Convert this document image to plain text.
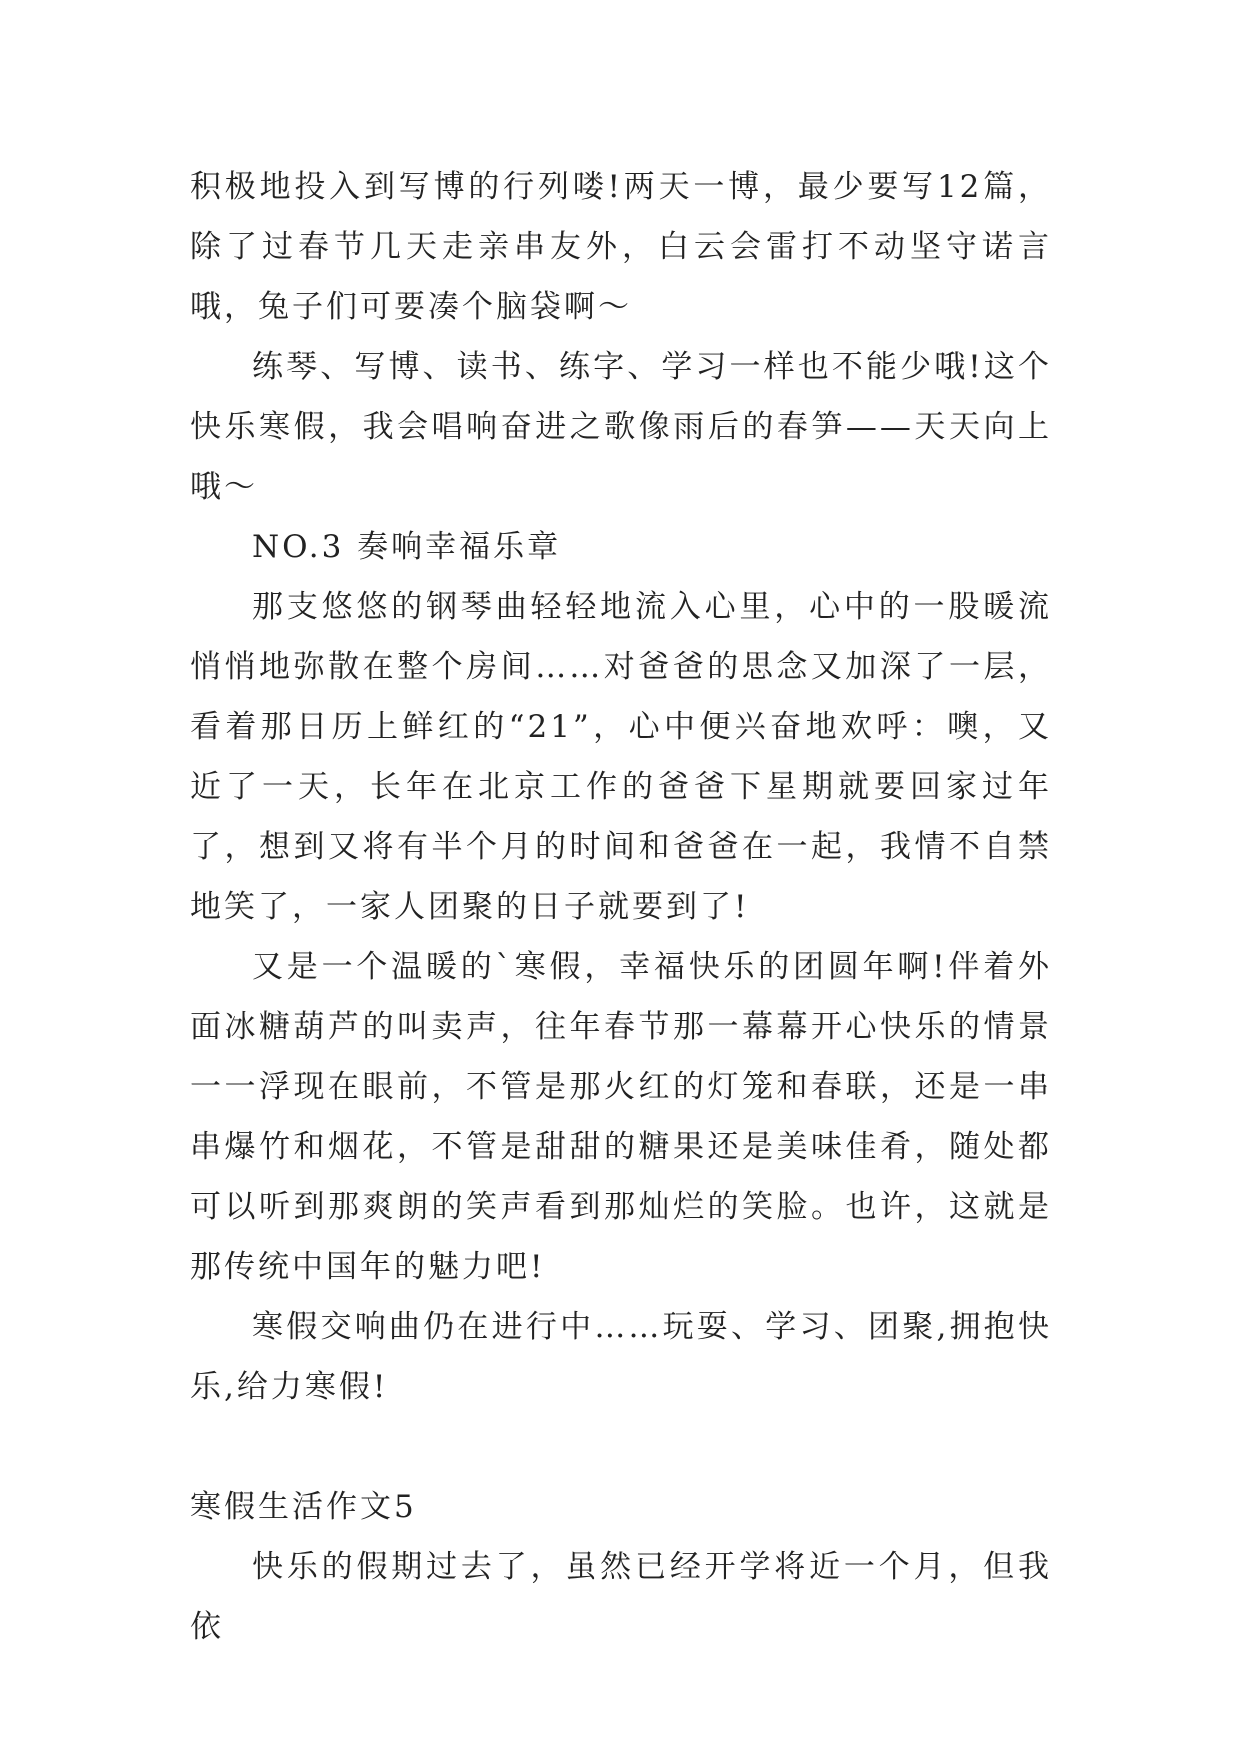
积极地投入到写博的行列喽!两天一博，最少要写12篇，除了过春节几天走亲串友外，白云会雷打不动坚守诺言哦，兔子们可要凑个脑袋啊～

练琴、写博、读书、练字、学习一样也不能少哦!这个快乐寒假，我会唱响奋进之歌像雨后的春笋——天天向上哦～

NO.3 奏响幸福乐章

那支悠悠的钢琴曲轻轻地流入心里，心中的一股暖流悄悄地弥散在整个房间……对爸爸的思念又加深了一层，看着那日历上鲜红的“21”，心中便兴奋地欢呼：噢，又近了一天，长年在北京工作的爸爸下星期就要回家过年了，想到又将有半个月的时间和爸爸在一起，我情不自禁地笑了，一家人团聚的日子就要到了!

又是一个温暖的`寒假，幸福快乐的团圆年啊!伴着外面冰糖葫芦的叫卖声，往年春节那一幕幕开心快乐的情景一一浮现在眼前，不管是那火红的灯笼和春联，还是一串串爆竹和烟花，不管是甜甜的糖果还是美味佳肴，随处都可以听到那爽朗的笑声看到那灿烂的笑脸。也许，这就是那传统中国年的魅力吧!

寒假交响曲仍在进行中……玩耍、学习、团聚,拥抱快乐,给力寒假!

寒假生活作文5

快乐的假期过去了，虽然已经开学将近一个月，但我依
